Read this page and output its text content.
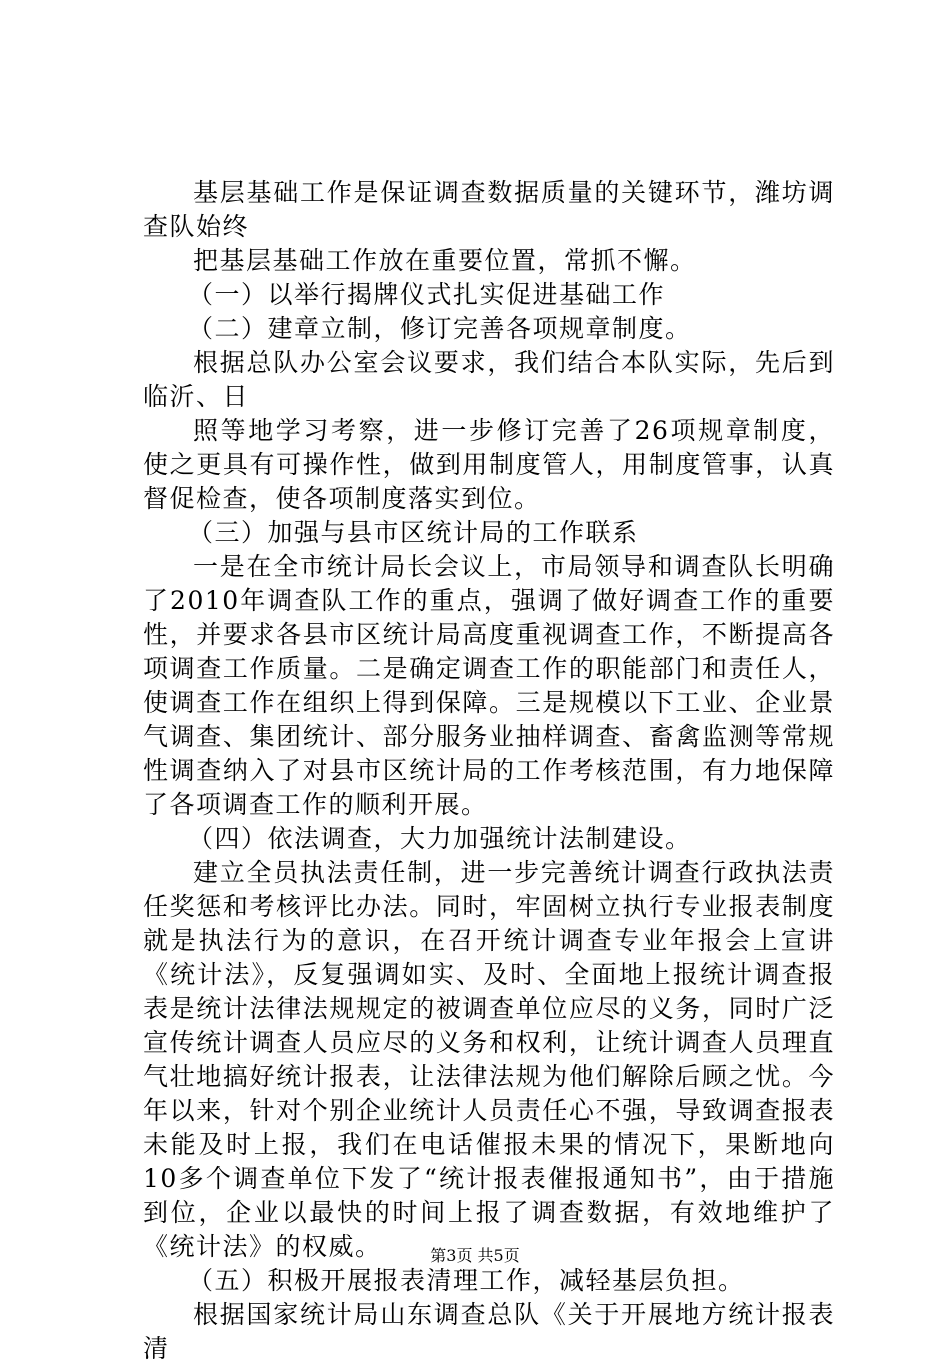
基层基础工作是保证调查数据质量的关键环节，潍坊调查队始终

把基层基础工作放在重要位置，常抓不懈。

（一）以举行揭牌仪式扎实促进基础工作

（二）建章立制，修订完善各项规章制度。

根据总队办公室会议要求，我们结合本队实际，先后到临沂、日

照等地学习考察，进一步修订完善了26项规章制度，使之更具有可操作性，做到用制度管人，用制度管事，认真督促检查，使各项制度落实到位。

（三）加强与县市区统计局的工作联系

一是在全市统计局长会议上，市局领导和调查队长明确了2010年调查队工作的重点，强调了做好调查工作的重要性，并要求各县市区统计局高度重视调查工作，不断提高各项调查工作质量。二是确定调查工作的职能部门和责任人，使调查工作在组织上得到保障。三是规模以下工业、企业景气调查、集团统计、部分服务业抽样调查、畜禽监测等常规性调查纳入了对县市区统计局的工作考核范围，有力地保障了各项调查工作的顺利开展。

（四）依法调查，大力加强统计法制建设。

建立全员执法责任制，进一步完善统计调查行政执法责任奖惩和考核评比办法。同时，牢固树立执行专业报表制度就是执法行为的意识，在召开统计调查专业年报会上宣讲《统计法》，反复强调如实、及时、全面地上报统计调查报表是统计法律法规规定的被调查单位应尽的义务，同时广泛宣传统计调查人员应尽的义务和权利，让统计调查人员理直气壮地搞好统计报表，让法律法规为他们解除后顾之忧。今年以来，针对个别企业统计人员责任心不强，导致调查报表未能及时上报，我们在电话催报未果的情况下，果断地向10多个调查单位下发了“统计报表催报通知书”，由于措施到位，企业以最快的时间上报了调查数据，有效地维护了《统计法》的权威。

（五）积极开展报表清理工作，减轻基层负担。

根据国家统计局山东调查总队《关于开展地方统计报表清

第3页 共5页
